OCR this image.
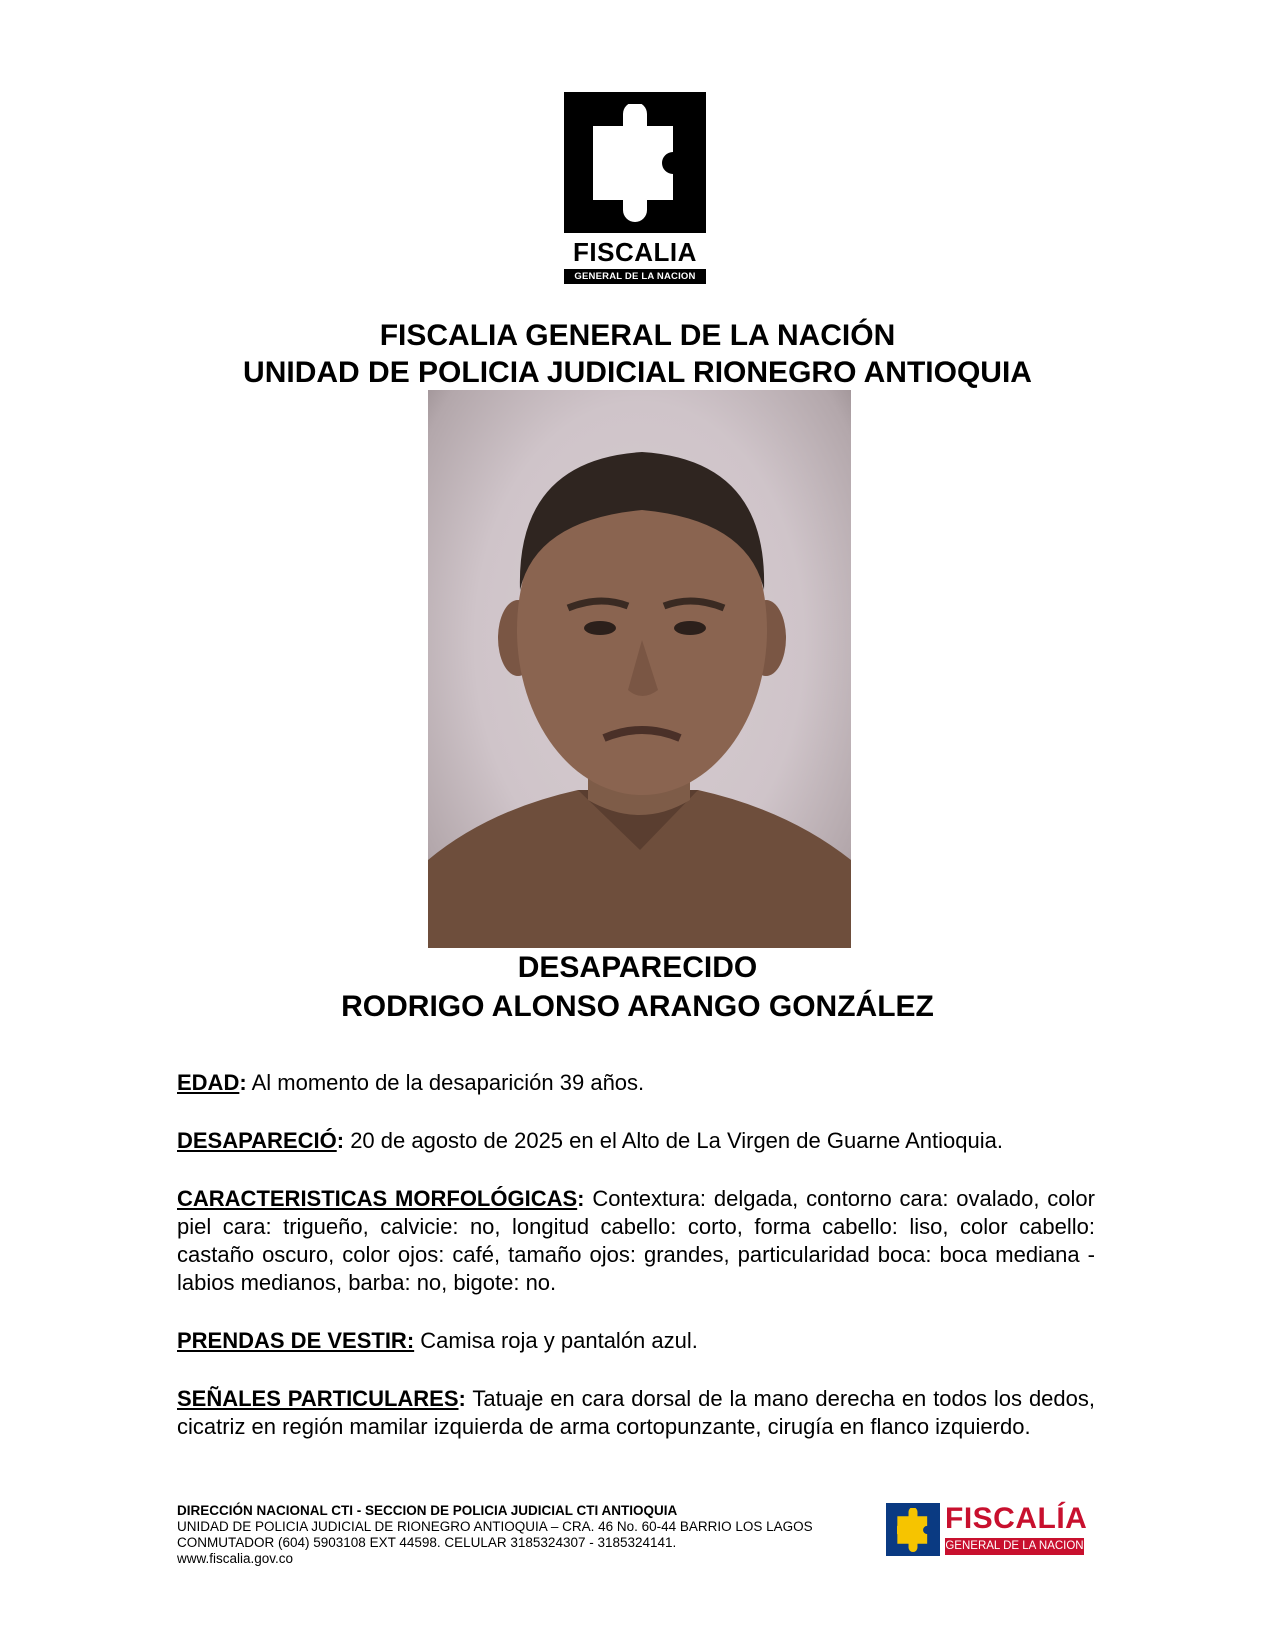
FISCALIA
GENERAL DE LA NACION
FISCALIA GENERAL DE LA NACIÓN
UNIDAD DE POLICIA JUDICIAL RIONEGRO ANTIOQUIA
DESAPARECIDO
RODRIGO ALONSO ARANGO GONZÁLEZ
EDAD: Al momento de la desaparición 39 años.
DESAPARECIÓ: 20 de agosto de 2025 en el Alto de La Virgen de Guarne Antioquia.
CARACTERISTICAS MORFOLÓGICAS: Contextura: delgada, contorno cara: ovalado, color piel cara: trigueño, calvicie: no, longitud cabello: corto, forma cabello: liso, color cabello: castaño oscuro, color ojos: café, tamaño ojos: grandes, particularidad boca: boca mediana - labios medianos, barba: no, bigote: no.
PRENDAS DE VESTIR: Camisa roja y pantalón azul.
SEÑALES PARTICULARES: Tatuaje en cara dorsal de la mano derecha en todos los dedos, cicatriz en región mamilar izquierda de arma cortopunzante, cirugía en flanco izquierdo.
DIRECCIÓN NACIONAL CTI - SECCION DE POLICIA JUDICIAL CTI ANTIOQUIA
UNIDAD DE POLICIA JUDICIAL DE RIONEGRO ANTIOQUIA – CRA. 46 No. 60-44 BARRIO LOS LAGOS
CONMUTADOR (604) 5903108 EXT 44598. CELULAR 3185324307 - 3185324141.
www.fiscalia.gov.co
FISCALÍA
GENERAL DE LA NACION
